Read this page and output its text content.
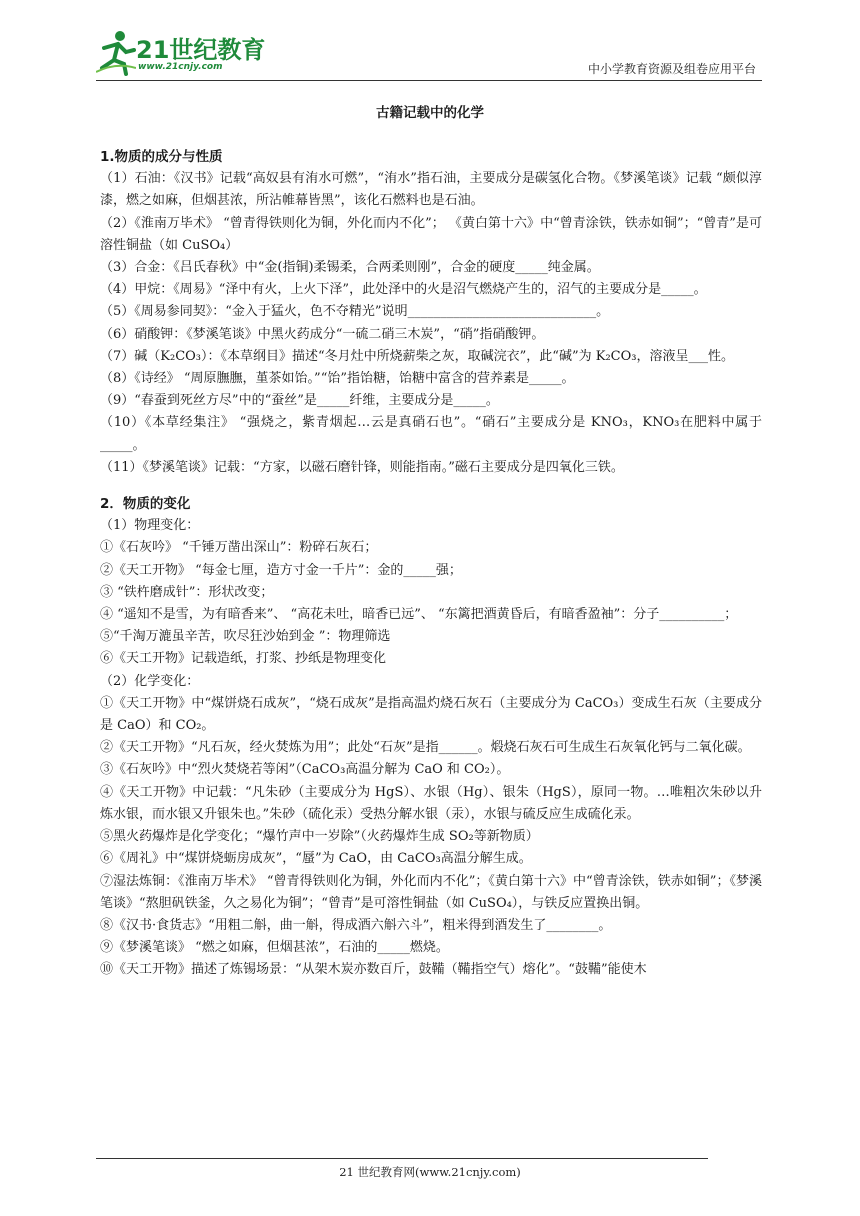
21世纪教育
www.21cnjy.com	中小学教育资源及组卷应用平台
古籍记载中的化学
1.物质的成分与性质

（1）石油：《汉书》记载“高奴县有洧水可燃”，“洧水”指石油，主要成分是碳氢化合物。《梦溪笔谈》记载 “颇似淳漆，燃之如麻，但烟甚浓，所沾帷幕皆黑”，该化石燃料也是石油。

（2）《淮南万毕术》 “曾青得铁则化为铜，外化而内不化”； 《黄白第十六》中“曾青涂铁，铁赤如铜”；“曾青”是可溶性铜盐（如 CuSO₄）

（3）合金：《吕氏春秋》中“金(指铜)柔锡柔，合两柔则刚”，合金的硬度_____纯金属。

（4）甲烷：《周易》“泽中有火，上火下泽”，此处泽中的火是沼气燃烧产生的，沼气的主要成分是_____。

（5）《周易参同契》：“金入于猛火，色不夺精光”说明_____________________________。

（6）硝酸钾：《梦溪笔谈》中黑火药成分“一硫二硝三木炭”，“硝”指硝酸钾。

（7）碱（K₂CO₃）：《本草纲目》描述“冬月灶中所烧薪柴之灰，取碱浣衣”，此“碱”为 K₂CO₃，溶液呈___性。

（8）《诗经》 “周原膴膴，堇茶如饴。”“饴”指饴糖，饴糖中富含的营养素是_____。

（9）“春蚕到死丝方尽”中的“蚕丝”是_____纤维，主要成分是_____。

（10）《本草经集注》 “强烧之，紫青烟起…云是真硝石也”。“硝石”主要成分是 KNO₃，KNO₃在肥料中属于_____。

（11）《梦溪笔谈》记载：“方家，以磁石磨针锋，则能指南。”磁石主要成分是四氧化三铁。

2．物质的变化

（1）物理变化：

①《石灰吟》 “千锤万凿出深山”：粉碎石灰石；

②《天工开物》 “每金七厘，造方寸金一千片”：金的_____强；

③ “铁杵磨成针”：形状改变；

④ “遥知不是雪，为有暗香来”、 “高花未吐，暗香已远”、 “东篱把酒黄昏后，有暗香盈袖”：分子__________；

⑤“千淘万漉虽辛苦，吹尽狂沙始到金 ”：物理筛选

⑥《天工开物》记载造纸，打浆、抄纸是物理变化

（2）化学变化：

①《天工开物》中“煤饼烧石成灰”，“烧石成灰”是指高温灼烧石灰石（主要成分为 CaCO₃）变成生石灰（主要成分是 CaO）和 CO₂。

②《天工开物》“凡石灰，经火焚炼为用”；此处“石灰”是指______。煅烧石灰石可生成生石灰氧化钙与二氧化碳。

③《石灰吟》中“烈火焚烧若等闲”（CaCO₃高温分解为 CaO 和 CO₂）。

④《天工开物》中记载：“凡朱砂（主要成分为 HgS）、水银（Hg）、银朱（HgS），原同一物。…唯粗次朱砂以升炼水银，而水银又升银朱也。”朱砂（硫化汞）受热分解水银（汞），水银与硫反应生成硫化汞。

⑤黑火药爆炸是化学变化；“爆竹声中一岁除”（火药爆炸生成 SO₂等新物质）

⑥《周礼》中“煤饼烧蛎房成灰”，“蜃”为 CaO，由 CaCO₃高温分解生成。

⑦湿法炼铜：《淮南万毕术》 “曾青得铁则化为铜，外化而内不化”；《黄白第十六》中“曾青涂铁，铁赤如铜”；《梦溪笔谈》“熬胆矾铁釜，久之易化为铜”；“曾青”是可溶性铜盐（如 CuSO₄），与铁反应置换出铜。

⑧《汉书·食货志》“用粗二斛，曲一斛，得成酒六斛六斗”，粗米得到酒发生了________。

⑨《梦溪笔谈》 “燃之如麻，但烟甚浓”，石油的_____燃烧。

⑩《天工开物》描述了炼锡场景：“从架木炭亦数百斤，鼓鞴（鞴指空气）熔化”。“鼓鞴”能使木

21 世纪教育网(www.21cnjy.com)
